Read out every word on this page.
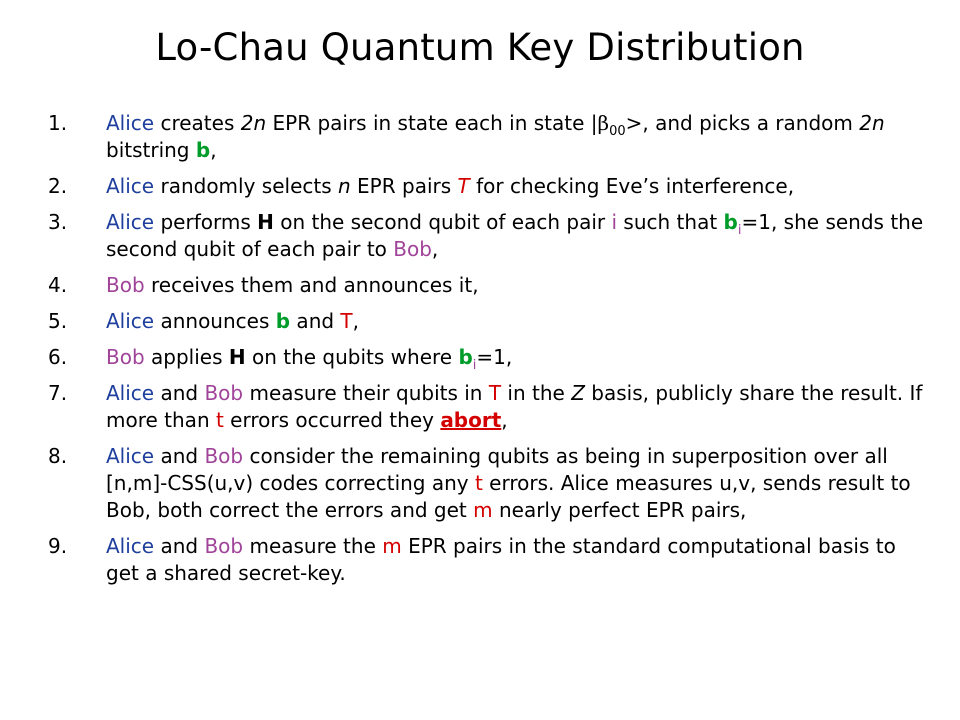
Lo-Chau Quantum Key Distribution
1.	Alice creates 2n EPR pairs in state each in state $|\beta_{00}>$, and picks a random 2n bitstring b,
2.	Alice randomly selects n EPR pairs T for checking Eve’s interference,
3.	Alice performs H on the second qubit of each pair i such that $b_i=1$, she sends the second qubit of each pair to Bob,
4.	Bob receives them and announces it,
5.	Alice announces b and T,
6.	Bob applies H on the qubits where $b_i=1$,
7.	Alice and Bob measure their qubits in T in the Z basis, publicly share the result. If more than t errors occurred they abort,
8.	Alice and Bob consider the remaining qubits as being in superposition over all [n,m]-CSS(u,v) codes correcting any t errors. Alice measures u,v, sends result to Bob, both correct the errors and get m nearly perfect EPR pairs,
9.	Alice and Bob measure the m EPR pairs in the standard computational basis to get a shared secret-key.
